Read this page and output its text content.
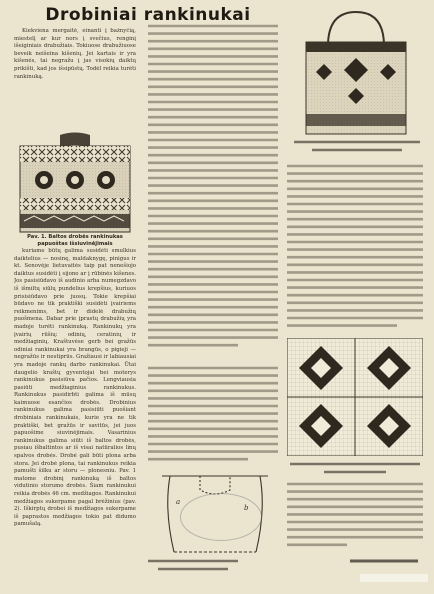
Drobiniai rankinukai

Kiekviena mergaitė, einanti į bažnyčią, miestelį ar kur nors į svečius, renginį išeiginiais drabužiais. Tokiuose drabužiuose beveik neišeina kišenių. Jei kartais ir yra kišenės, tai negražu į jas visokių daiktų prikišti, kad jos išsipūstų. Todėl reikia turėti rankinuką.

Pav. 1. Baltos drobės rankinukas papuoštas išsiuvinėjimais

kuriame būtų galima susidėti smulkius daiktelius — nosinę, maldaknygę, pinigus ir kt. Senovėje lietuvaitės taip pat nenešiojo daiktus susidėti į sijono ar į rūbinės kišenes. Jos pasisiūdavo iš audinio arba numegzdavo iš išmiltų siūlų pundelius krepšius, kuriuos prisisiūdavo prie juosų. Tokie krepšiai būdavo ne tik praktiški susidėti įvairiems reikmenims, bet ir didelė drabužių puošmena. Dabar prie įprastų drabužių yra madoje turėti rankinuką. Rankinukų yra įvairių rūšių: odinių, ceratinių ir medžiaginių. Kraštuvėse gerb bei gražūs odiniai rankinukai yra brangūs, o pigieji — negražūs ir nestiprūs. Gražiausi ir labiausiai yra madoje rankų darbo rankinukai. Ūtai daugelio kraštų gyventojai bei moterys rankinukus pasisiūva pačios. Lengviausia pasiūti medžiaginius rankinukus. Rankinukus pasidirbti galima iš mūsų kaimuose esančios drobės. Drobinius rankinukus galima pasisiūti puošiant drobiniais rankinukais, kurie yra ne tik praktiški, bet gražūs ir savitūs, jei juos papuošime siuvinėjimais. Vasarinius rankinukus galima siūti iš baltos drobės, pusiau išbaltintos ar iš visai natūralios linų spalvos drobės. Drobė gali būti plona arba stora. Jei drobė plona, tai rankinukus reikia pamušti šilku ar storu — plonesniu. Pav. 1 matome drobinį rankinuką iš baltos vidutinio storumo drobės. Šiam rankinukui reikia drobės 46 cm. medžiagos. Rankinukui medžiagos sukerpame pagal brėžinius (pav. 2). Iškirptų drobei iš medžiagos sukerpame iš paprastos medžiagos tokio pat didumo pamušalą.

a
b
